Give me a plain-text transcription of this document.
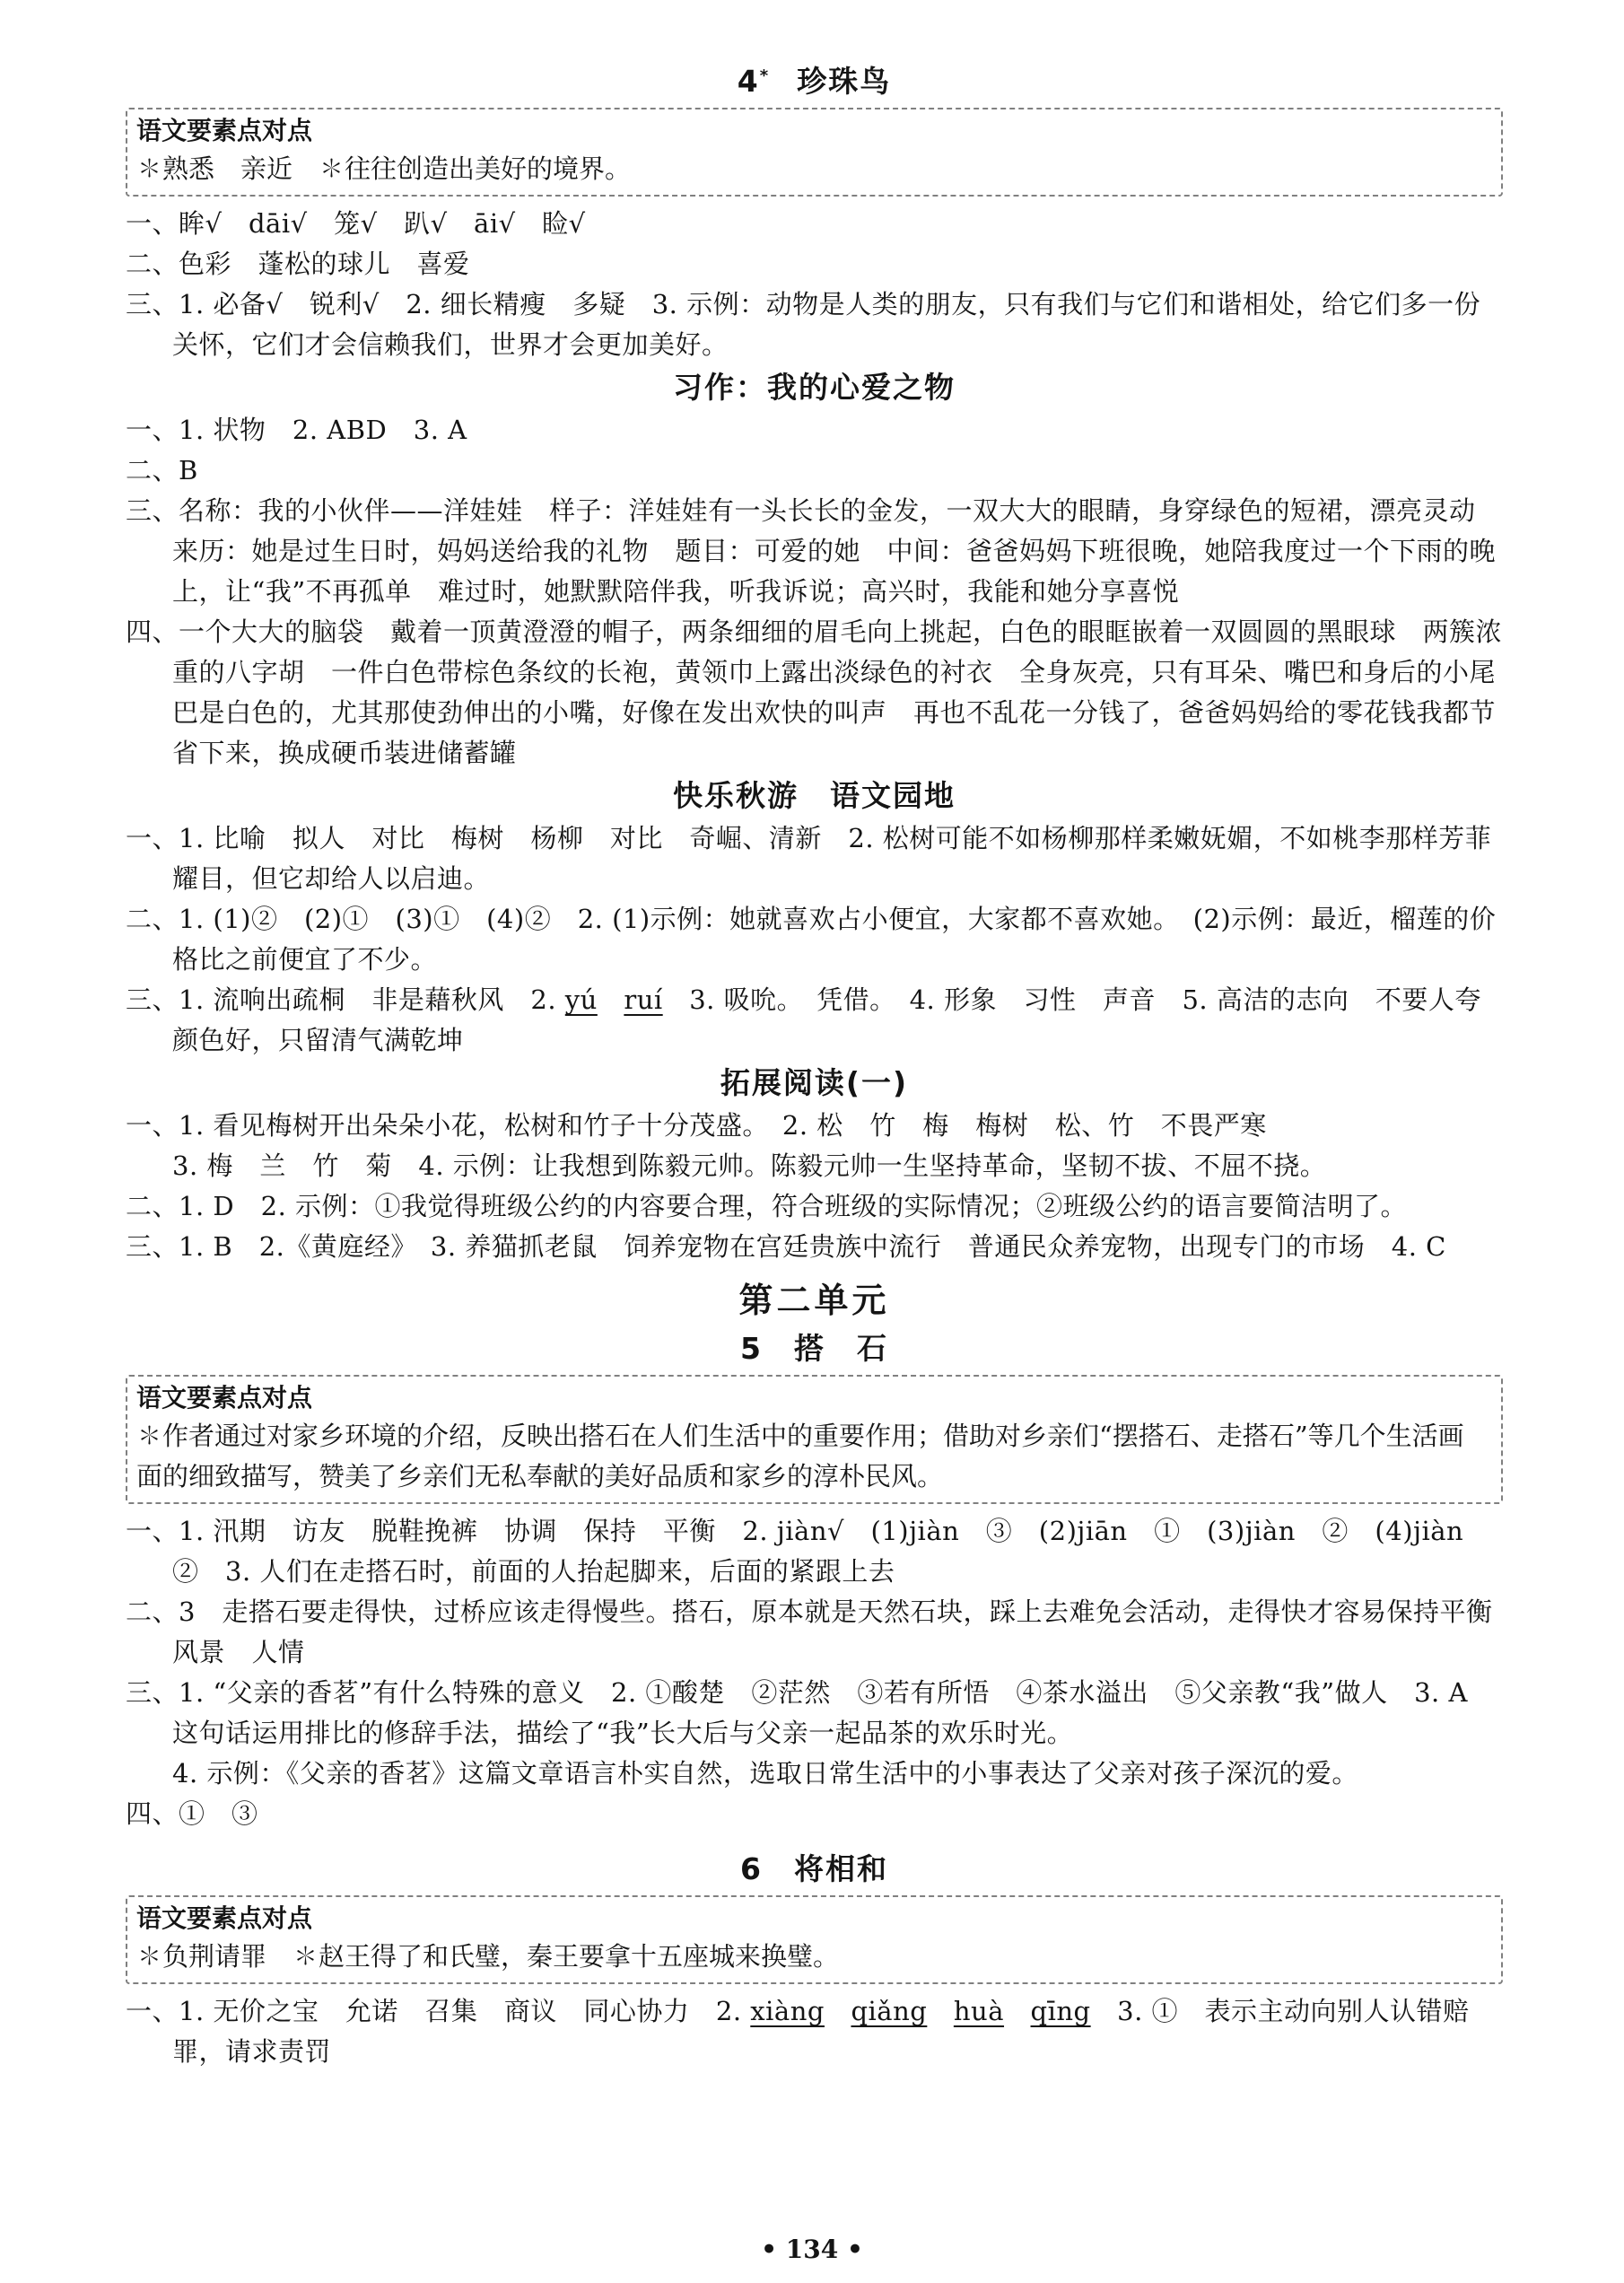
4* 珍珠鸟
语文要素点对点
✽熟悉　亲近　✽往往创造出美好的境界。
一、眸√　dāi√　笼√　趴√　āi√　睑√
二、色彩　蓬松的球儿　喜爱
三、1. 必备√　锐利√　2. 细长精瘦　多疑　3. 示例：动物是人类的朋友，只有我们与它们和谐相处，给它们多一份关怀，它们才会信赖我们，世界才会更加美好。
习作：我的心爱之物
一、1. 状物　2. ABD　3. A
二、B
三、名称：我的小伙伴——洋娃娃　样子：洋娃娃有一头长长的金发，一双大大的眼睛，身穿绿色的短裙，漂亮灵动　来历：她是过生日时，妈妈送给我的礼物　题目：可爱的她　中间：爸爸妈妈下班很晚，她陪我度过一个下雨的晚上，让“我”不再孤单　难过时，她默默陪伴我，听我诉说；高兴时，我能和她分享喜悦
四、一个大大的脑袋　戴着一顶黄澄澄的帽子，两条细细的眉毛向上挑起，白色的眼眶嵌着一双圆圆的黑眼球　两簇浓重的八字胡　一件白色带棕色条纹的长袍，黄领巾上露出淡绿色的衬衣　全身灰亮，只有耳朵、嘴巴和身后的小尾巴是白色的，尤其那使劲伸出的小嘴，好像在发出欢快的叫声　再也不乱花一分钱了，爸爸妈妈给的零花钱我都节省下来，换成硬币装进储蓄罐
快乐秋游　语文园地
一、1. 比喻　拟人　对比　梅树　杨柳　对比　奇崛、清新　2. 松树可能不如杨柳那样柔嫩妩媚，不如桃李那样芳菲耀目，但它却给人以启迪。
二、1. (1)②　(2)①　(3)①　(4)②　2. (1)示例：她就喜欢占小便宜，大家都不喜欢她。　(2)示例：最近，榴莲的价格比之前便宜了不少。
三、1. 流响出疏桐　非是藉秋风　2. yú　 ruí　3. 吸吮。　凭借。　4. 形象　习性　声音　5. 高洁的志向　不要人夸颜色好，只留清气满乾坤
拓展阅读(一)
一、1. 看见梅树开出朵朵小花，松树和竹子十分茂盛。　2. 松　竹　梅　梅树　松、竹　不畏严寒
3. 梅　兰　竹　菊　4. 示例：让我想到陈毅元帅。陈毅元帅一生坚持革命，坚韧不拔、不屈不挠。
二、1. D　2. 示例：①我觉得班级公约的内容要合理，符合班级的实际情况；②班级公约的语言要简洁明了。
三、1. B　2.《黄庭经》　3. 养猫抓老鼠　饲养宠物在宫廷贵族中流行　普通民众养宠物，出现专门的市场　4. C
第二单元
5　 搭　石
语文要素点对点
✽作者通过对家乡环境的介绍，反映出搭石在人们生活中的重要作用；借助对乡亲们“摆搭石、走搭石”等几个生活画面的细致描写，赞美了乡亲们无私奉献的美好品质和家乡的淳朴民风。
一、1. 汛期　访友　脱鞋挽裤　协调　保持　平衡　2. jiàn√　(1)jiàn　③　(2)jiān　①　(3)jiàn　②　(4)jiàn　②　3. 人们在走搭石时，前面的人抬起脚来，后面的紧跟上去
二、3　走搭石要走得快，过桥应该走得慢些。搭石，原本就是天然石块，踩上去难免会活动，走得快才容易保持平衡　风景　人情
三、1. “父亲的香茗”有什么特殊的意义　2. ①酸楚　②茫然　③若有所悟　④茶水溢出　⑤父亲教“我”做人　3. A　这句话运用排比的修辞手法，描绘了“我”长大后与父亲一起品茶的欢乐时光。
4. 示例：《父亲的香茗》这篇文章语言朴实自然，选取日常生活中的小事表达了父亲对孩子深沉的爱。
四、①　③
6　 将相和
语文要素点对点
✽负荆请罪　✽赵王得了和氏璧，秦王要拿十五座城来换璧。
一、1. 无价之宝　允诺　召集　商议　同心协力　2. xiàng　 qiǎng　 huà　 qīng　3. ①　表示主动向别人认错赔罪，请求责罚
• 134 •
